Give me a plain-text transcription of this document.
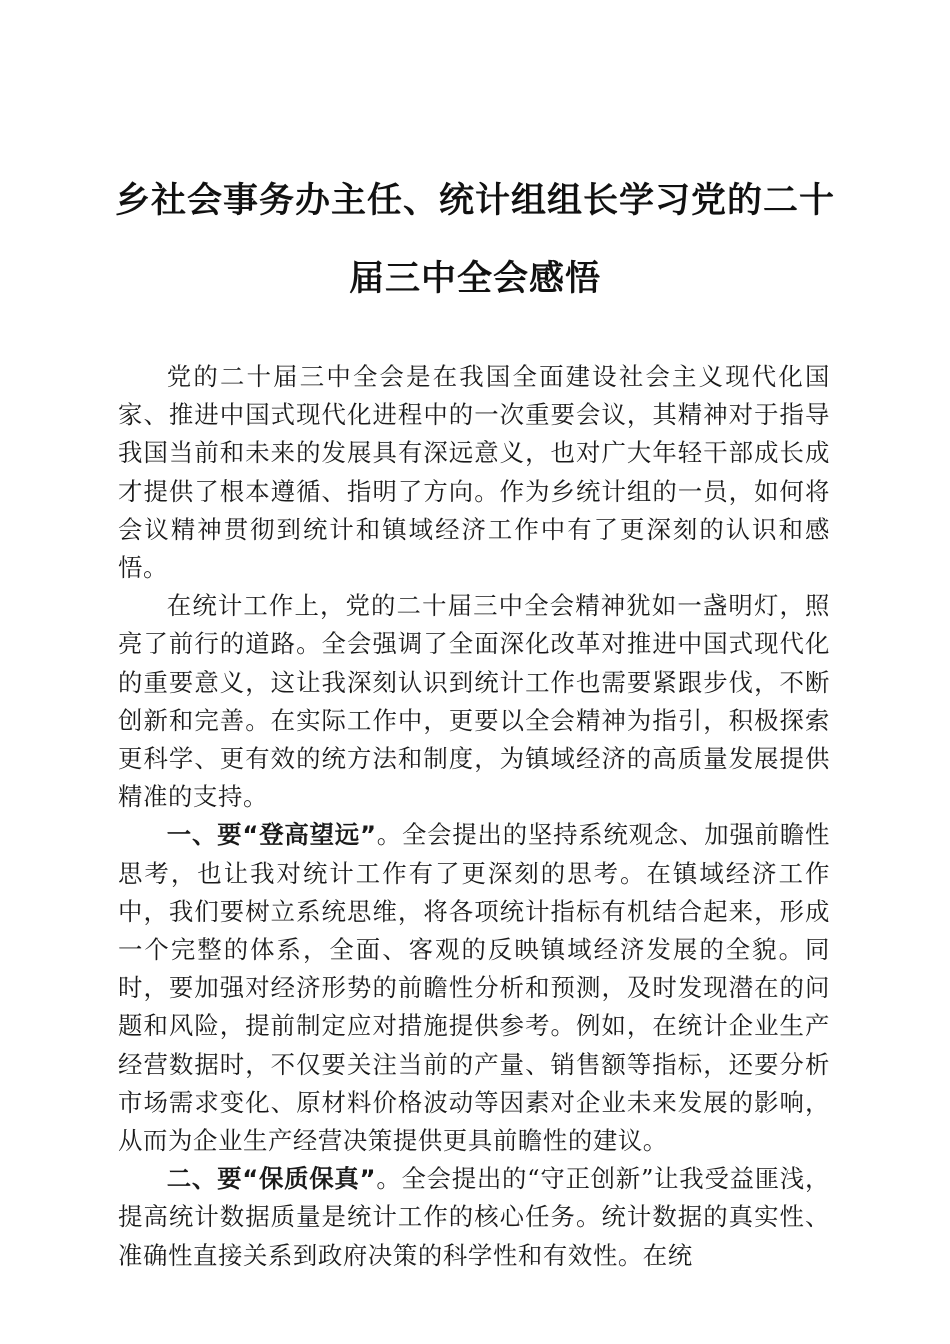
乡社会事务办主任、统计组组长学习党的二十
届三中全会感悟

党的二十届三中全会是在我国全面建设社会主义现代化国家、推进中国式现代化进程中的一次重要会议，其精神对于指导我国当前和未来的发展具有深远意义，也对广大年轻干部成长成才提供了根本遵循、指明了方向。作为乡统计组的一员，如何将会议精神贯彻到统计和镇域经济工作中有了更深刻的认识和感悟。

在统计工作上，党的二十届三中全会精神犹如一盏明灯，照亮了前行的道路。全会强调了全面深化改革对推进中国式现代化的重要意义，这让我深刻认识到统计工作也需要紧跟步伐，不断创新和完善。在实际工作中，更要以全会精神为指引，积极探索更科学、更有效的统方法和制度，为镇域经济的高质量发展提供精准的支持。

一、要“登高望远”。全会提出的坚持系统观念、加强前瞻性思考，也让我对统计工作有了更深刻的思考。在镇域经济工作中，我们要树立系统思维，将各项统计指标有机结合起来，形成一个完整的体系，全面、客观的反映镇域经济发展的全貌。同时，要加强对经济形势的前瞻性分析和预测，及时发现潜在的问题和风险，提前制定应对措施提供参考。例如，在统计企业生产经营数据时，不仅要关注当前的产量、销售额等指标，还要分析市场需求变化、原材料价格波动等因素对企业未来发展的影响，从而为企业生产经营决策提供更具前瞻性的建议。

二、要“保质保真”。全会提出的“守正创新”让我受益匪浅，提高统计数据质量是统计工作的核心任务。统计数据的真实性、准确性直接关系到政府决策的科学性和有效性。在统
